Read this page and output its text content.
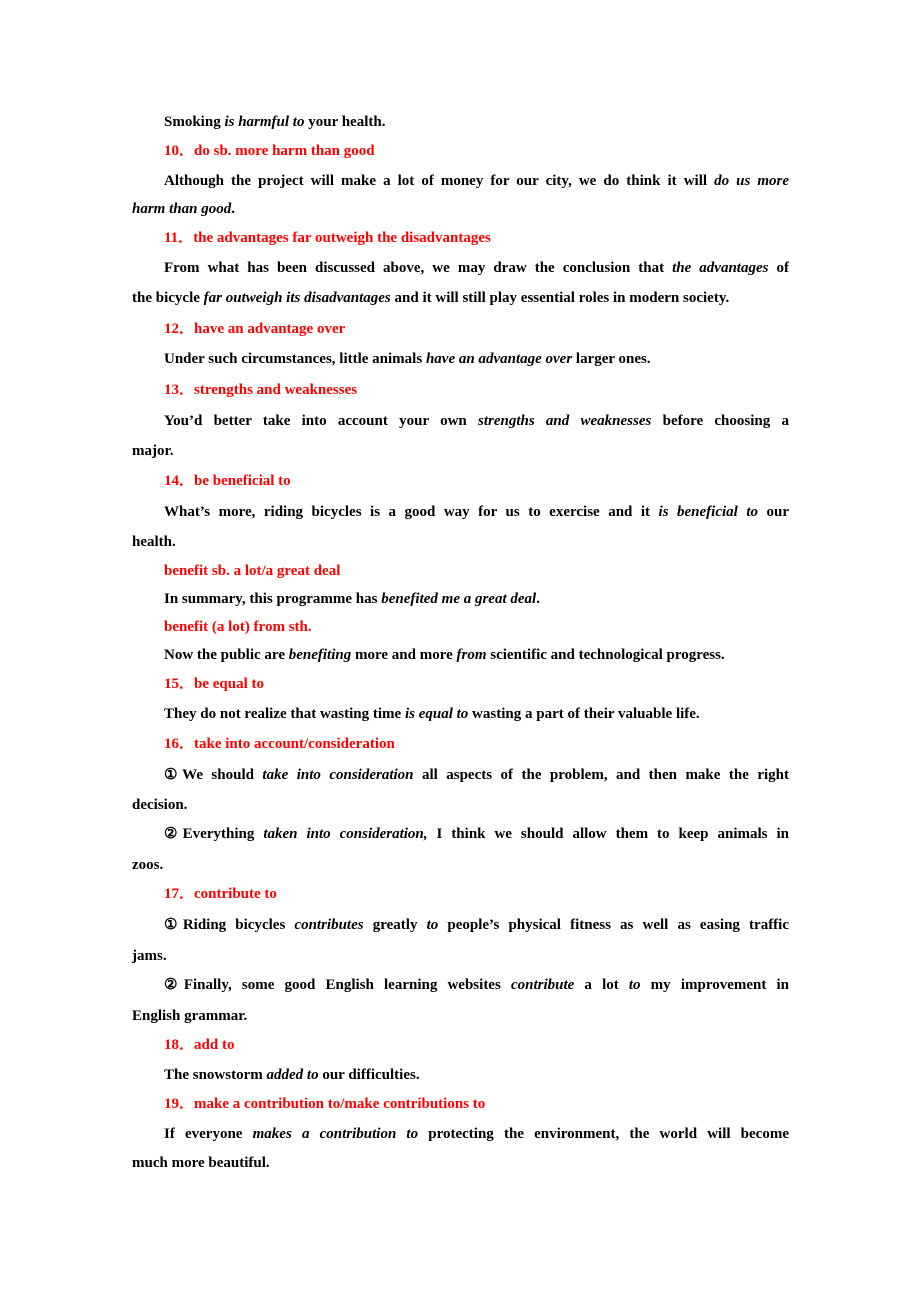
Smoking is harmful to your health.
10．do sb. more harm than good
Although the project will make a lot of money for our city, we do think it will do us more
harm than good.
11．the advantages far outweigh the disadvantages
From what has been discussed above, we may draw the conclusion that the advantages of
the bicycle far outweigh its disadvantages and it will still play essential roles in modern society.
12．have an advantage over
Under such circumstances, little animals have an advantage over larger ones.
13．strengths and weaknesses
You’d better take into account your own strengths and weaknesses before choosing a
major.
14．be beneficial to
What’s more, riding bicycles is a good way for us to exercise and it is beneficial to our
health.
benefit sb. a lot/a great deal
In summary, this programme has benefited me a great deal.
benefit (a lot) from sth.
Now the public are benefiting more and more from scientific and technological progress.
15．be equal to
They do not realize that wasting time is equal to wasting a part of their valuable life.
16．take into account/consideration
①We should take into consideration all aspects of the problem, and then make the right
decision.
②Everything taken into consideration, I think we should allow them to keep animals in
zoos.
17．contribute to
①Riding bicycles contributes greatly to people’s physical fitness as well as easing traffic
jams.
②Finally, some good English learning websites contribute a lot to my improvement in
English grammar.
18．add to
The snowstorm added to our difficulties.
19．make a contribution to/make contributions to
If everyone makes a contribution to protecting the environment, the world will become
much more beautiful.
